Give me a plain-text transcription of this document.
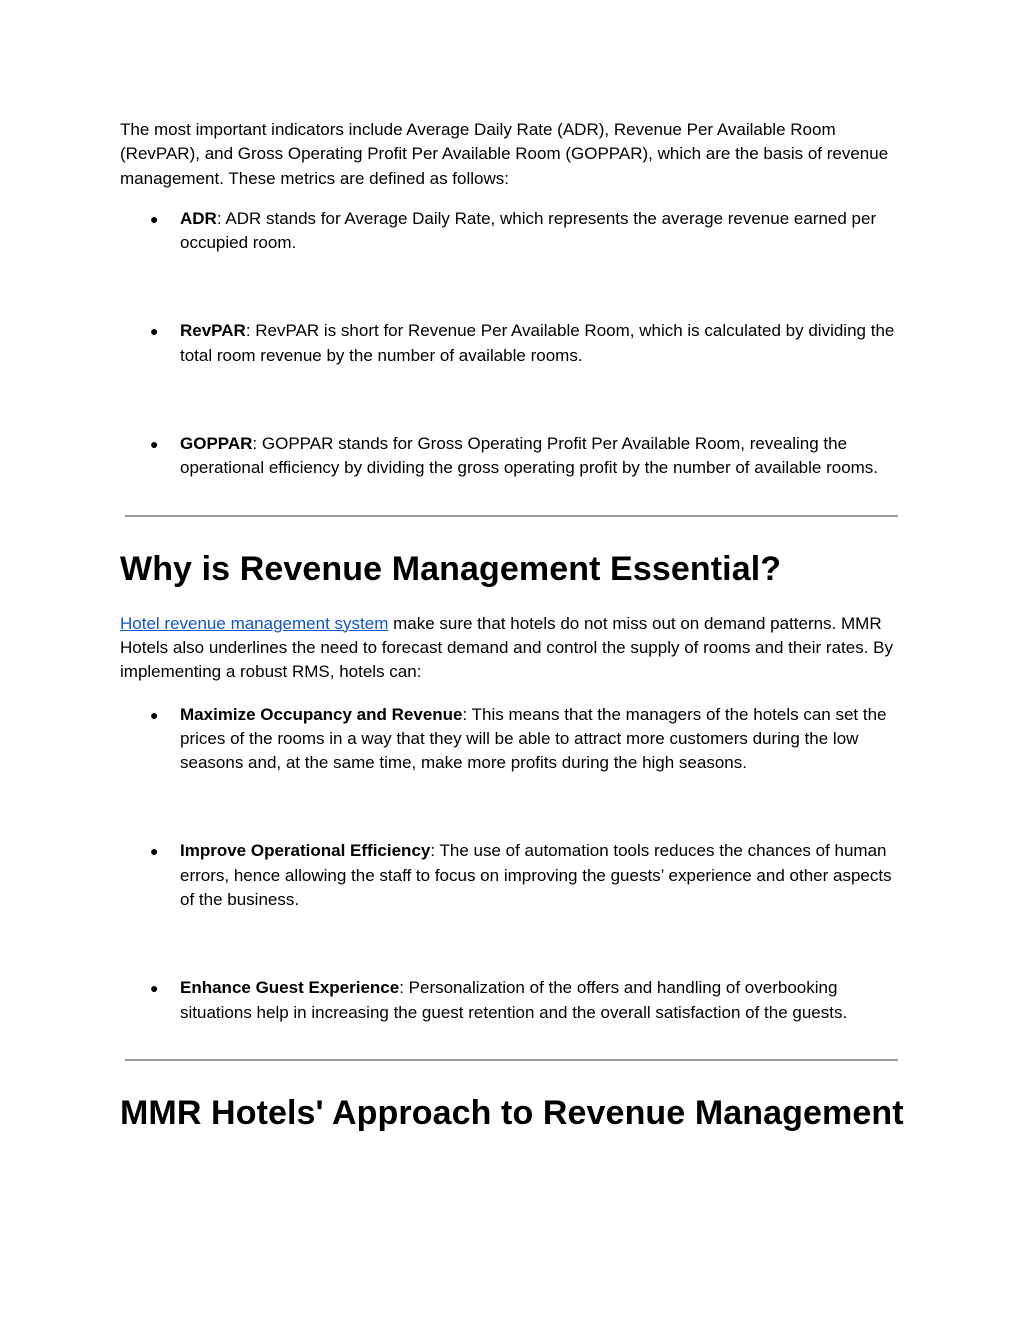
The most important indicators include Average Daily Rate (ADR), Revenue Per Available Room (RevPAR), and Gross Operating Profit Per Available Room (GOPPAR), which are the basis of revenue management. These metrics are defined as follows:

● ADR: ADR stands for Average Daily Rate, which represents the average revenue earned per occupied room.
● RevPAR: RevPAR is short for Revenue Per Available Room, which is calculated by dividing the total room revenue by the number of available rooms.
● GOPPAR: GOPPAR stands for Gross Operating Profit Per Available Room, revealing the operational efficiency by dividing the gross operating profit by the number of available rooms.
Why is Revenue Management Essential?

Hotel revenue management system make sure that hotels do not miss out on demand patterns. MMR Hotels also underlines the need to forecast demand and control the supply of rooms and their rates. By implementing a robust RMS, hotels can:

● Maximize Occupancy and Revenue: This means that the managers of the hotels can set the prices of the rooms in a way that they will be able to attract more customers during the low seasons and, at the same time, make more profits during the high seasons.
● Improve Operational Efficiency: The use of automation tools reduces the chances of human errors, hence allowing the staff to focus on improving the guests’ experience and other aspects of the business.
● Enhance Guest Experience: Personalization of the offers and handling of overbooking situations help in increasing the guest retention and the overall satisfaction of the guests.
MMR Hotels' Approach to Revenue Management
